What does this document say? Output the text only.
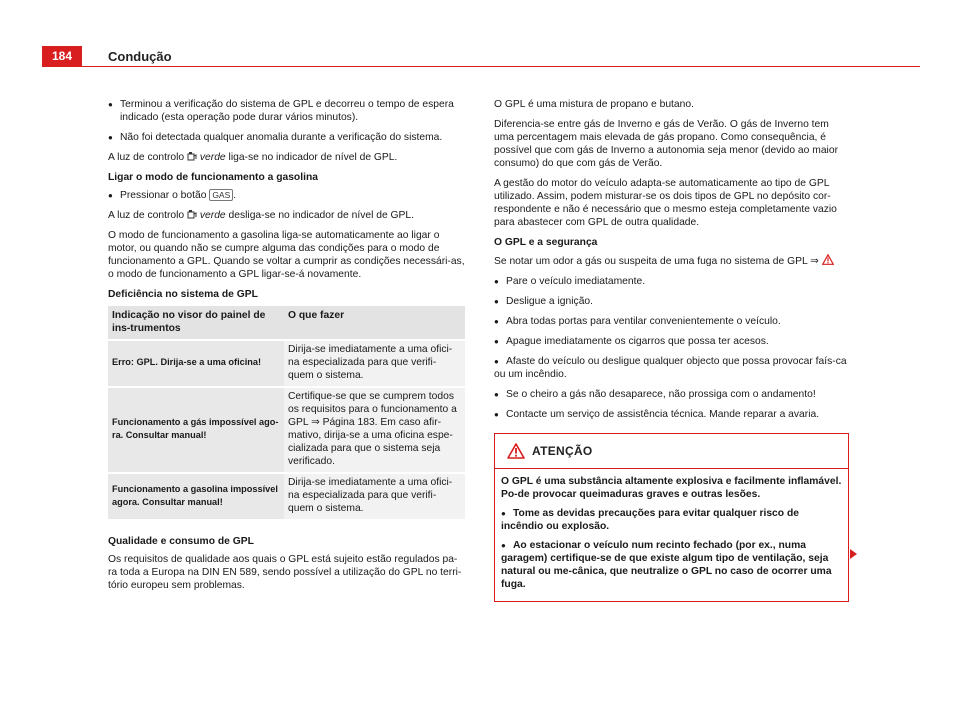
184	Condução
● Terminou a verificação do sistema de GPL e decorreu o tempo de espera indicado (esta operação pode durar vários minutos).
● Não foi detectada qualquer anomalia durante a verificação do sistema.

A luz de controlo verde liga-se no indicador de nível de GPL.

Ligar o modo de funcionamento a gasolina

● Pressionar o botão GAS .

A luz de controlo verde desliga-se no indicador de nível de GPL.

O modo de funcionamento a gasolina liga-se automaticamente ao ligar o motor, ou quando não se cumpre alguma das condições para o modo de funcionamento a GPL. Quando se voltar a cumprir as condições necessári-as, o modo de funcionamento a GPL ligar-se-á novamente.

Deficiência no sistema de GPL

Indicação no visor do painel de ins-trumentos	O que fazer
Erro: GPL. Dirija-se a uma oficina!	Dirija-se imediatamente a uma ofici-na especializada para que verifi-quem o sistema.
Funcionamento a gás impossível ago-ra. Consultar manual!	Certifique-se que se cumprem todos os requisitos para o funcionamento a GPL ⇒ Página 183. Em caso afir-mativo, dirija-se a uma oficina espe-cializada para que o sistema seja verificado.
Funcionamento a gasolina impossível agora. Consultar manual!	Dirija-se imediatamente a uma ofici-na especializada para que verifi-quem o sistema.

Qualidade e consumo de GPL

Os requisitos de qualidade aos quais o GPL está sujeito estão regulados pa-ra toda a Europa na DIN EN 589, sendo possível a utilização do GPL no terri-tório europeu sem problemas.

O GPL é uma mistura de propano e butano.

Diferencia-se entre gás de Inverno e gás de Verão. O gás de Inverno tem uma percentagem mais elevada de gás propano. Como consequência, é possível que com gás de Inverno a autonomia seja menor (devido ao maior consumo) do que com gás de Verão.

A gestão do motor do veículo adapta-se automaticamente ao tipo de GPL utilizado. Assim, podem misturar-se os dois tipos de GPL no depósito cor-respondente e não é necessário que o mesmo esteja completamente vazio para abastecer com GPL de outra qualidade.

O GPL e a segurança

Se notar um odor a gás ou suspeita de uma fuga no sistema de GPL ⇒

● Pare o veículo imediatamente.
● Desligue a ignição.
● Abra todas portas para ventilar convenientemente o veículo.
● Apague imediatamente os cigarros que possa ter acesos.
● Afaste do veículo ou desligue qualquer objecto que possa provocar faís-ca ou um incêndio.
● Se o cheiro a gás não desaparece, não prossiga com o andamento!
● Contacte um serviço de assistência técnica. Mande reparar a avaria.
ATENÇÃO

O GPL é uma substância altamente explosiva e facilmente inflamável. Po-de provocar queimaduras graves e outras lesões.

● Tome as devidas precauções para evitar qualquer risco de incêndio ou explosão.
● Ao estacionar o veículo num recinto fechado (por ex., numa garagem) certifique-se de que existe algum tipo de ventilação, seja natural ou me-cânica, que neutralize o GPL no caso de ocorrer uma fuga.
